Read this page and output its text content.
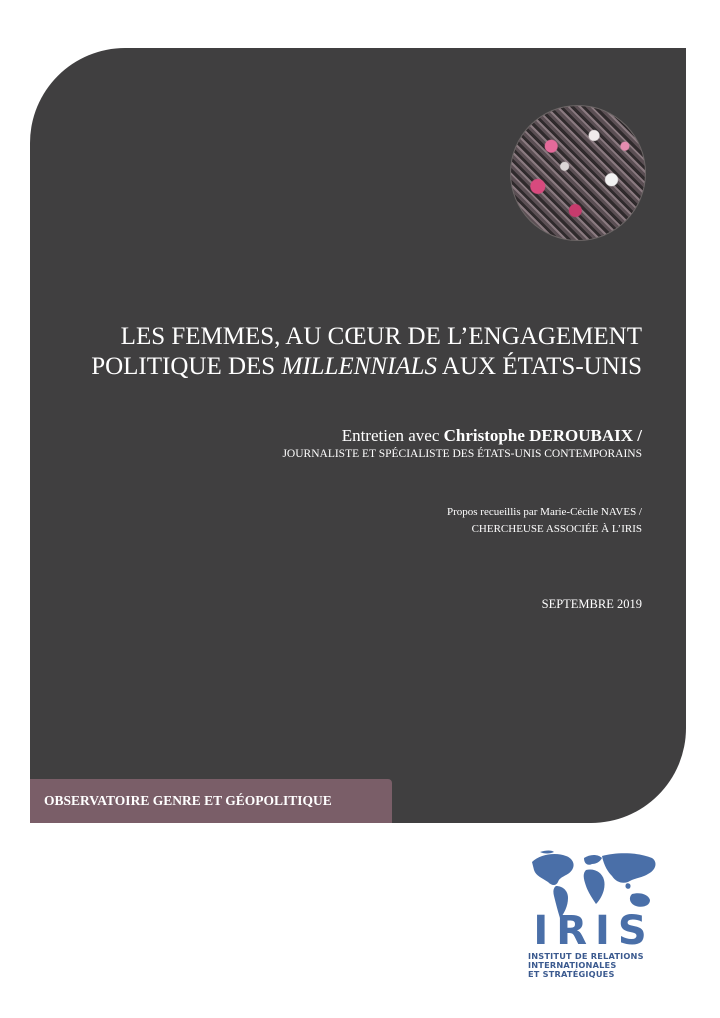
LES FEMMES, AU CŒUR DE L’ENGAGEMENT
POLITIQUE DES MILLENNIALS AUX ÉTATS-UNIS
Entretien avec Christophe DEROUBAIX /
JOURNALISTE ET SPÉCIALISTE DES ÉTATS-UNIS CONTEMPORAINS
Propos recueillis par Marie-Cécile NAVES /
CHERCHEUSE ASSOCIÉE À L’IRIS
SEPTEMBRE 2019
OBSERVATOIRE GENRE ET GÉOPOLITIQUE
IRIS
INSTITUT DE RELATIONS
INTERNATIONALES
ET STRATÉGIQUES
